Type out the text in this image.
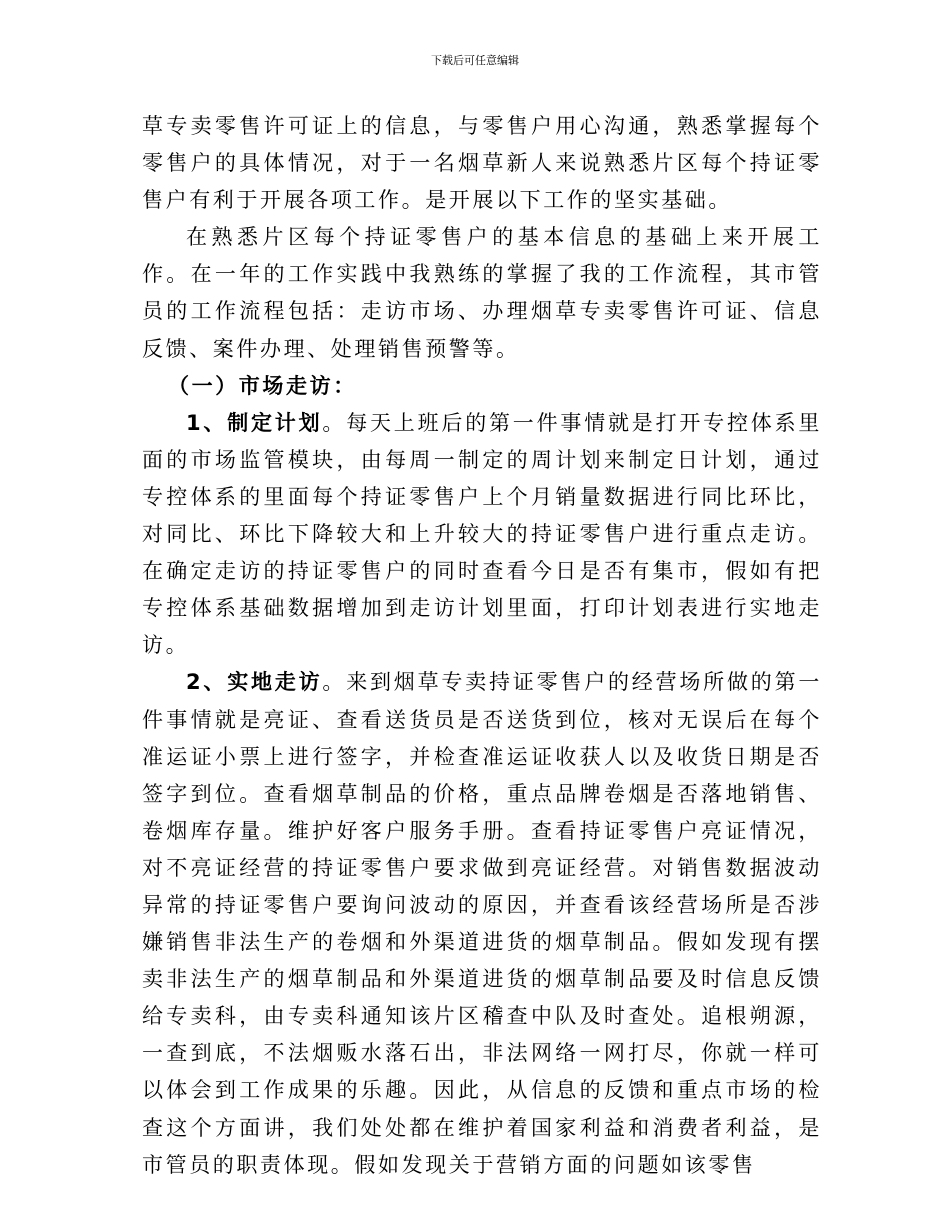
下载后可任意编辑

草专卖零售许可证上的信息，与零售户用心沟通，熟悉掌握每个零售户的具体情况，对于一名烟草新人来说熟悉片区每个持证零售户有利于开展各项工作。是开展以下工作的坚实基础。

在熟悉片区每个持证零售户的基本信息的基础上来开展工作。在一年的工作实践中我熟练的掌握了我的工作流程，其市管员的工作流程包括：走访市场、办理烟草专卖零售许可证、信息反馈、案件办理、处理销售预警等。

（一）市场走访：

1、制定计划。每天上班后的第一件事情就是打开专控体系里面的市场监管模块，由每周一制定的周计划来制定日计划，通过专控体系的里面每个持证零售户上个月销量数据进行同比环比，对同比、环比下降较大和上升较大的持证零售户进行重点走访。在确定走访的持证零售户的同时查看今日是否有集市，假如有把专控体系基础数据增加到走访计划里面，打印计划表进行实地走访。

2、实地走访。来到烟草专卖持证零售户的经营场所做的第一件事情就是亮证、查看送货员是否送货到位，核对无误后在每个准运证小票上进行签字，并检查准运证收获人以及收货日期是否签字到位。查看烟草制品的价格，重点品牌卷烟是否落地销售、卷烟库存量。维护好客户服务手册。查看持证零售户亮证情况，对不亮证经营的持证零售户要求做到亮证经营。对销售数据波动异常的持证零售户要询问波动的原因，并查看该经营场所是否涉嫌销售非法生产的卷烟和外渠道进货的烟草制品。假如发现有摆卖非法生产的烟草制品和外渠道进货的烟草制品要及时信息反馈给专卖科，由专卖科通知该片区稽查中队及时查处。追根朔源，一查到底，不法烟贩水落石出，非法网络一网打尽，你就一样可以体会到工作成果的乐趣。因此，从信息的反馈和重点市场的检查这个方面讲，我们处处都在维护着国家利益和消费者利益，是市管员的职责体现。假如发现关于营销方面的问题如该零售
